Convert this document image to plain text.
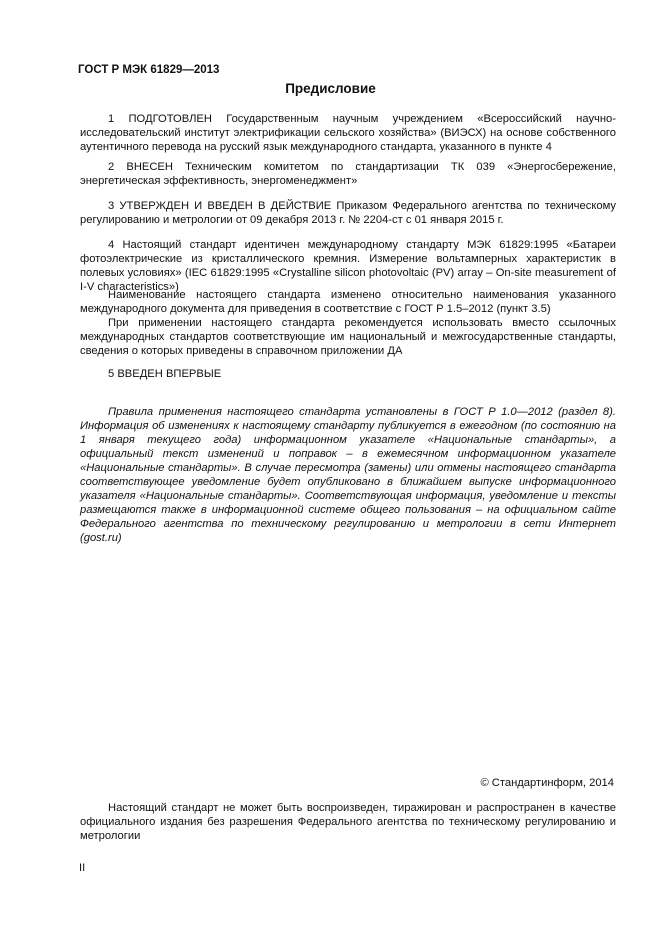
ГОСТ Р МЭК 61829—2013
Предисловие

1 ПОДГОТОВЛЕН Государственным научным учреждением «Всероссийский научно-исследовательский институт электрификации сельского хозяйства» (ВИЭСХ) на основе собственного аутентичного перевода на русский язык международного стандарта, указанного в пункте 4

2 ВНЕСЕН Техническим комитетом по стандартизации ТК 039 «Энергосбережение, энергетическая эффективность, энергоменеджмент»

3 УТВЕРЖДЕН И ВВЕДЕН В ДЕЙСТВИЕ Приказом Федерального агентства по техническому регулированию и метрологии от 09 декабря 2013 г. № 2204-ст с 01 января 2015 г.

4 Настоящий стандарт идентичен международному стандарту МЭК 61829:1995 «Батареи фотоэлектрические из кристаллического кремния. Измерение вольтамперных характеристик в полевых условиях» (IEC 61829:1995 «Crystalline silicon photovoltaic (PV) array – On-site measurement of I-V characteristics»)

Наименование настоящего стандарта изменено относительно наименования указанного международного документа для приведения в соответствие с ГОСТ Р 1.5–2012 (пункт 3.5)

При применении настоящего стандарта рекомендуется использовать вместо ссылочных международных стандартов соответствующие им национальный и межгосударственные стандарты, сведения о которых приведены в справочном приложении ДА

5 ВВЕДЕН ВПЕРВЫЕ

Правила применения настоящего стандарта установлены в ГОСТ Р 1.0—2012 (раздел 8). Информация об изменениях к настоящему стандарту публикуется в ежегодном (по состоянию на 1 января текущего года) информационном указателе «Национальные стандарты», а официальный текст изменений и поправок – в ежемесячном информационном указателе «Национальные стандарты». В случае пересмотра (замены) или отмены настоящего стандарта соответствующее уведомление будет опубликовано в ближайшем выпуске информационного указателя «Национальные стандарты». Соответствующая информация, уведомление и тексты размещаются также в информационной системе общего пользования – на официальном сайте Федерального агентства по техническому регулированию и метрологии в сети Интернет (gost.ru)

© Стандартинформ, 2014

Настоящий стандарт не может быть воспроизведен, тиражирован и распространен в качестве официального издания без разрешения Федерального агентства по техническому регулированию и метрологии

II
